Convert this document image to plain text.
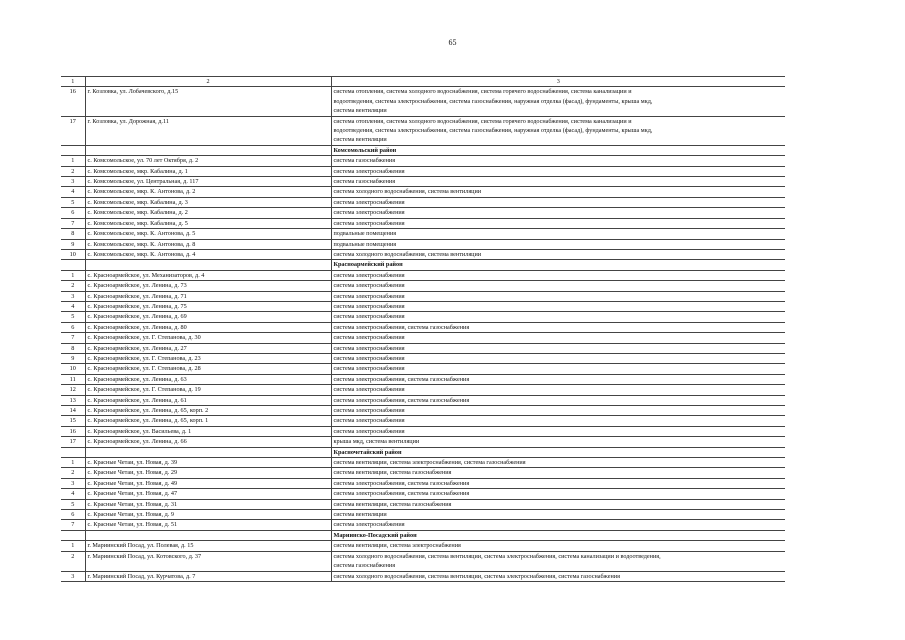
65
1	2	3
16	г. Козловка, ул. Лобачевского, д.15	система отопления, система холодного водоснабжения, система горячего водоснабжения, система канализации и
водоотведения, система электроснабжения, система газоснабжения, наружная отделка (фасад), фундаменты, крыша мкд,
система вентиляции

17	г. Козловка, ул. Дорожная, д.11	система отопления, система холодного водоснабжения, система горячего водоснабжения, система канализации и
водоотведения, система электроснабжения, система газоснабжения, наружная отделка (фасад), фундаменты, крыша мкд,
система вентиляции

		Комсомольский район
1	с. Комсомольское, ул. 70 лет Октября, д. 2	система газоснабжения

2	с. Комсомольское, мкр. Кабалина, д. 1	система электроснабжения

3	с. Комсомольское, ул. Центральная, д. 117	система газоснабжения

4	с. Комсомольское, мкр. К. Антонова, д. 2	система холодного водоснабжения, система вентиляции

5	с. Комсомольское, мкр. Кабалина, д. 3	система электроснабжения

6	с. Комсомольское, мкр. Кабалина, д. 2	система электроснабжения

7	с. Комсомольское, мкр. Кабалина, д. 5	система электроснабжения

8	с. Комсомольское, мкр. К. Антонова, д. 5	подвальные помещения

9	с. Комсомольское, мкр. К. Антонова, д. 8	подвальные помещения

10	с. Комсомольское, мкр. К. Антонова, д. 4	система холодного водоснабжения, система вентиляции

		Красноармейский район
1	с. Красноармейское, ул. Механизаторов, д. 4	система электроснабжения

2	с. Красноармейское, ул. Ленина, д. 73	система электроснабжения

3	с. Красноармейское, ул. Ленина, д. 71	система электроснабжения

4	с. Красноармейское, ул. Ленина, д. 75	система электроснабжения

5	с. Красноармейское, ул. Ленина, д. 69	система электроснабжения

6	с. Красноармейское, ул. Ленина, д. 80	система электроснабжения, система газоснабжения

7	с. Красноармейское, ул. Г. Степанова, д. 30	система электроснабжения

8	с. Красноармейское, ул. Ленина, д. 27	система электроснабжения

9	с. Красноармейское, ул. Г. Степанова, д. 23	система электроснабжения

10	с. Красноармейское, ул. Г. Степанова, д. 28	система электроснабжения

11	с. Красноармейское, ул. Ленина, д. 63	система электроснабжения, система газоснабжения

12	с. Красноармейское, ул. Г. Степанова, д. 19	система электроснабжения

13	с. Красноармейское, ул. Ленина, д. 61	система электроснабжения, система газоснабжения

14	с. Красноармейское, ул. Ленина, д. 65, корп. 2	система электроснабжения

15	с. Красноармейское, ул. Ленина, д. 65, корп. 1	система электроснабжения

16	с. Красноармейское, ул. Васильева, д. 1	система электроснабжения

17	с. Красноармейское, ул. Ленина, д. 66	крыша мкд, система вентиляции

		Красночетайский район
1	с. Красные Четаи, ул. Новая, д. 39	система вентиляции, система электроснабжения, система газоснабжения

2	с. Красные Четаи, ул. Новая, д. 29	система вентиляции, система газоснабжения

3	с. Красные Четаи, ул. Новая, д. 49	система электроснабжения, система газоснабжения

4	с. Красные Четаи, ул. Новая, д. 47	система электроснабжения, система газоснабжения

5	с. Красные Четаи, ул. Новая, д. 31	система вентиляции, система газоснабжения

6	с. Красные Четаи, ул. Новая, д. 9	система вентиляции

7	с. Красные Четаи, ул. Новая, д. 51	система электроснабжения

		Мариинско-Посадский район
1	г. Мариинский Посад, ул. Полевая, д. 15	система вентиляции, система электроснабжения

2	г. Мариинский Посад, ул. Котовского, д. 37	система холодного водоснабжения, система вентиляции, система электроснабжения, система канализации и водоотведения,
система газоснабжения

3	г. Мариинский Посад, ул. Курчатова, д. 7	система холодного водоснабжения, система вентиляции, система электроснабжения, система газоснабжения
